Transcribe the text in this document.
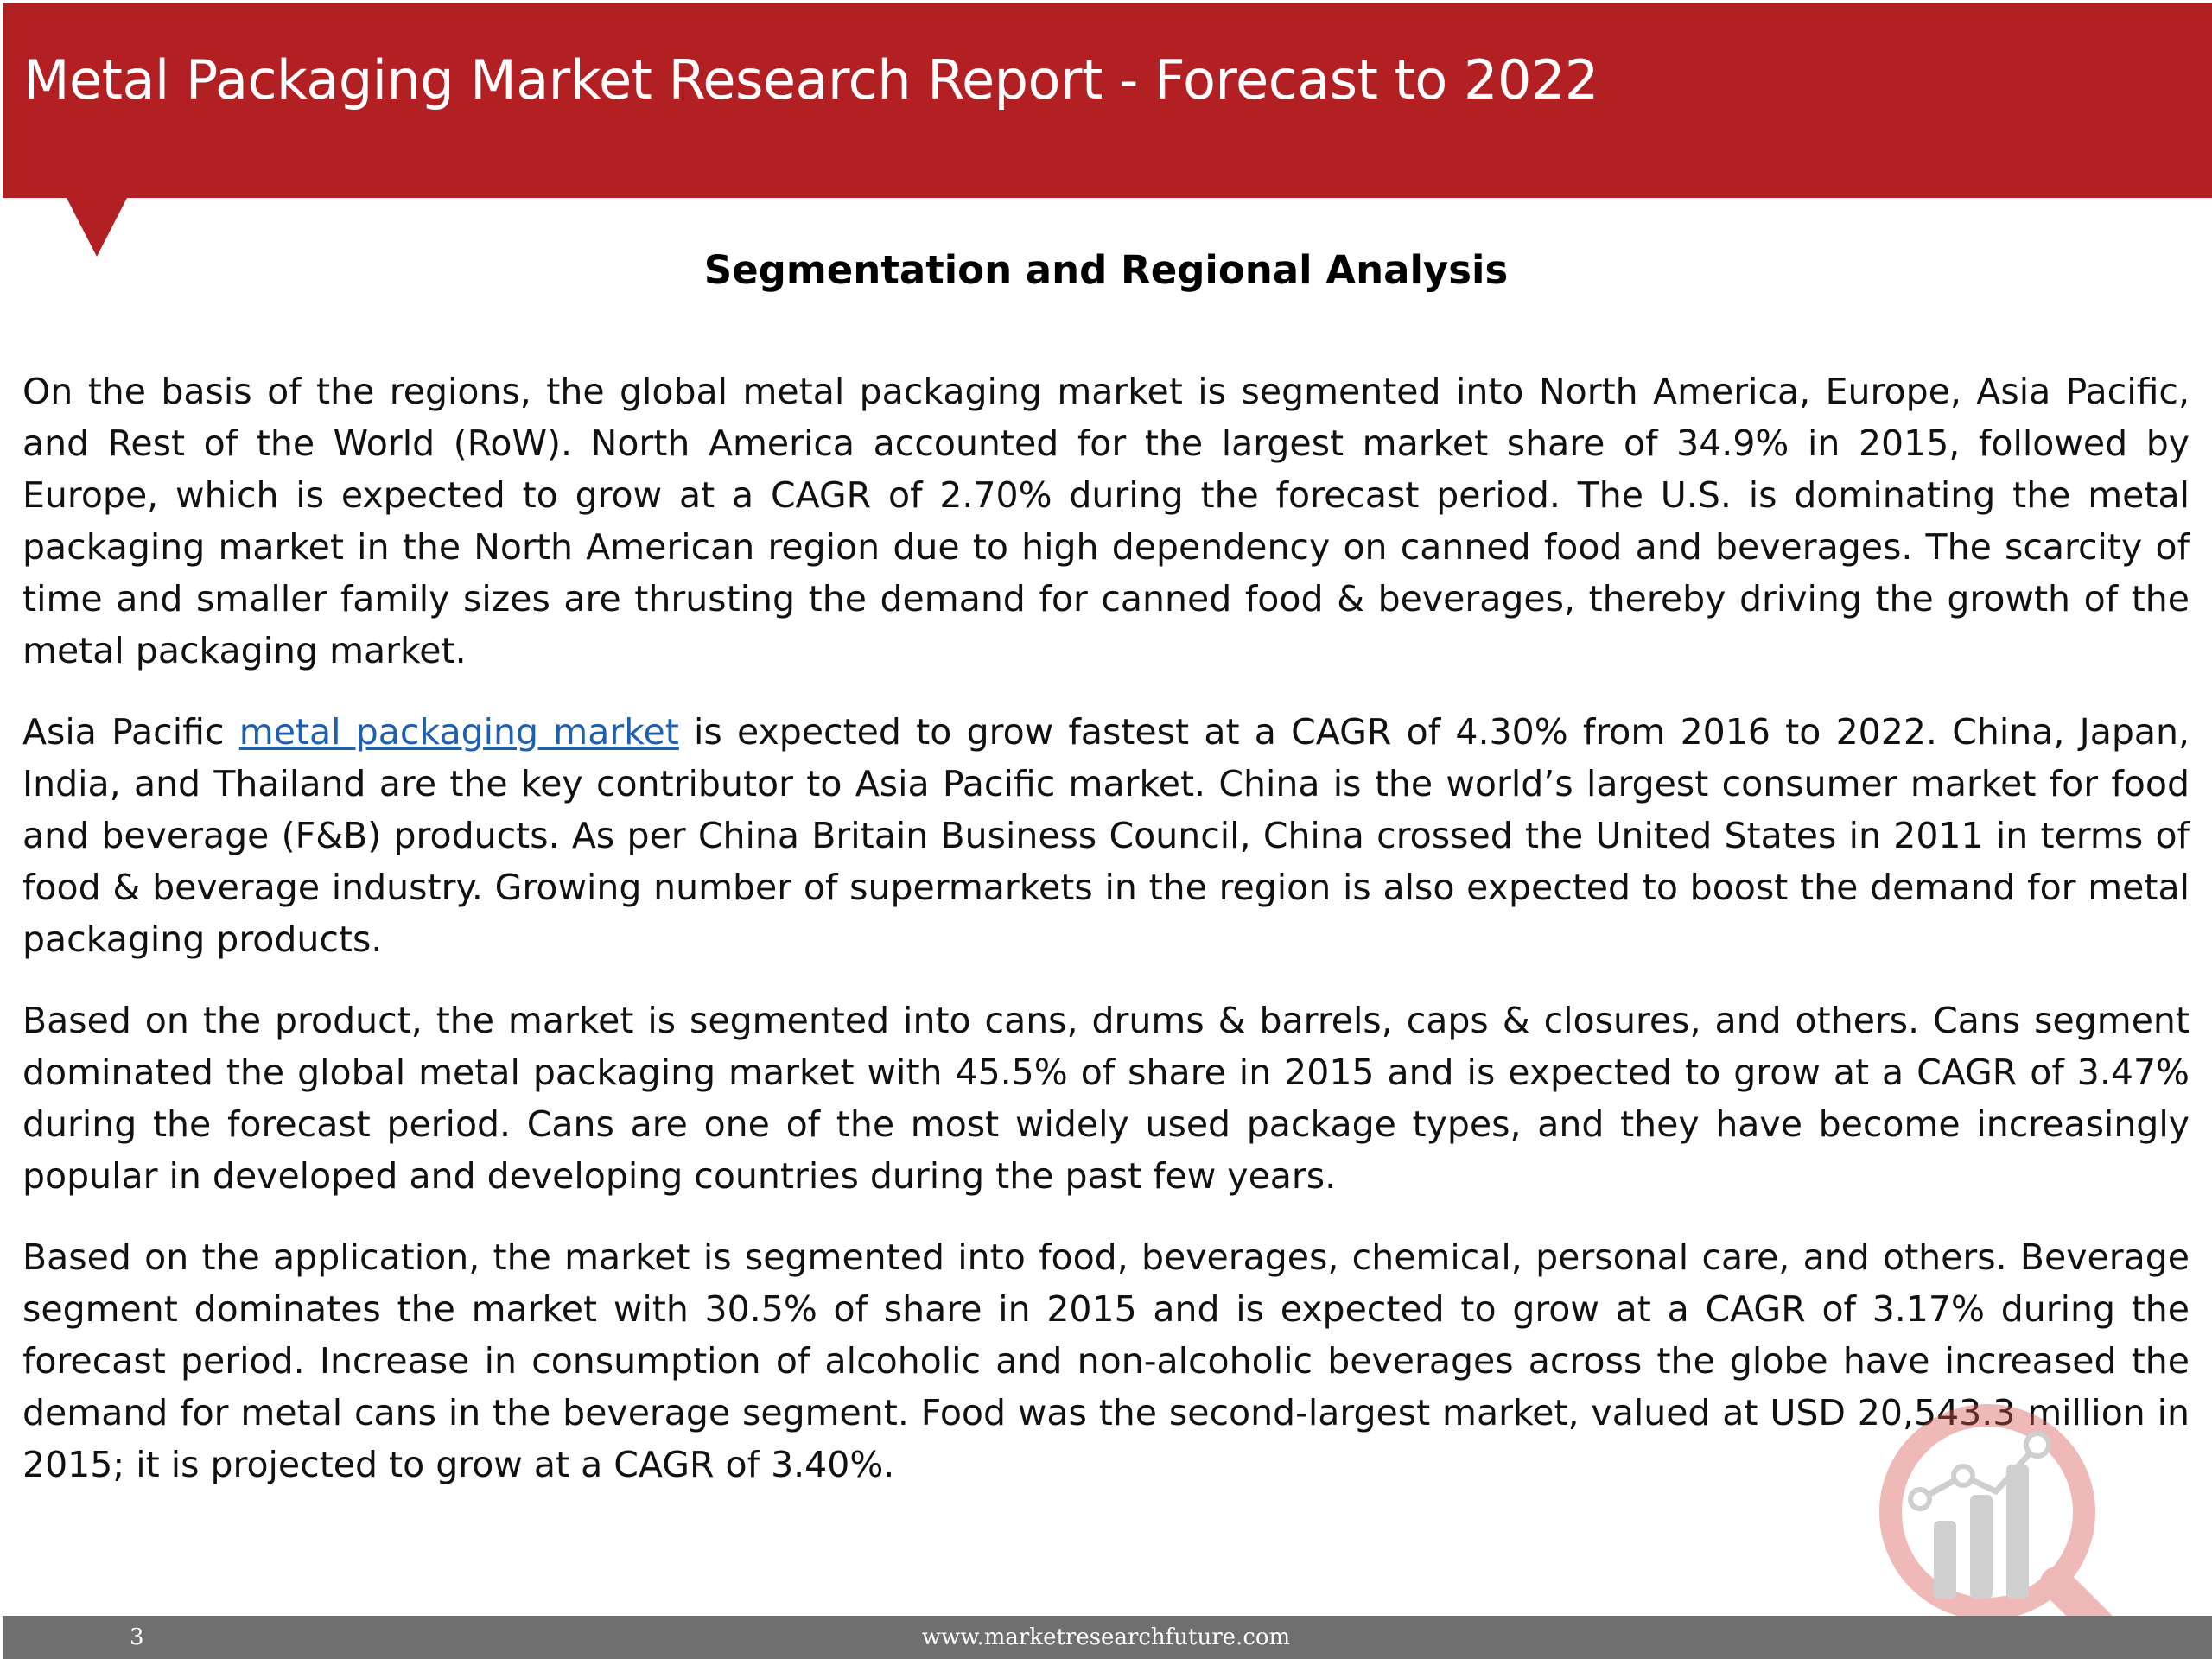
Metal Packaging Market Research Report - Forecast to 2022
Segmentation and Regional Analysis

On the basis of the regions, the global metal packaging market is segmented into North America, Europe, Asia Pacific, and Rest of the World (RoW). North America accounted for the largest market share of 34.9% in 2015, followed by Europe, which is expected to grow at a CAGR of 2.70% during the forecast period. The U.S. is dominating the metal packaging market in the North American region due to high dependency on canned food and beverages. The scarcity of time and smaller family sizes are thrusting the demand for canned food & beverages, thereby driving the growth of the metal packaging market.

Asia Pacific metal packaging market is expected to grow fastest at a CAGR of 4.30% from 2016 to 2022. China, Japan, India, and Thailand are the key contributor to Asia Pacific market. China is the world’s largest consumer market for food and beverage (F&B) products. As per China Britain Business Council, China crossed the United States in 2011 in terms of food & beverage industry. Growing number of supermarkets in the region is also expected to boost the demand for metal packaging products.

Based on the product, the market is segmented into cans, drums & barrels, caps & closures, and others. Cans segment dominated the global metal packaging market with 45.5% of share in 2015 and is expected to grow at a CAGR of 3.47% during the forecast period. Cans are one of the most widely used package types, and they have become increasingly popular in developed and developing countries during the past few years.

Based on the application, the market is segmented into food, beverages, chemical, personal care, and others. Beverage segment dominates the market with 30.5% of share in 2015 and is expected to grow at a CAGR of 3.17% during the forecast period. Increase in consumption of alcoholic and non-alcoholic beverages across the globe have increased the demand for metal cans in the beverage segment. Food was the second-largest market, valued at USD 20,543.3 million in 2015; it is projected to grow at a CAGR of 3.40%.

3	www.marketresearchfuture.com
